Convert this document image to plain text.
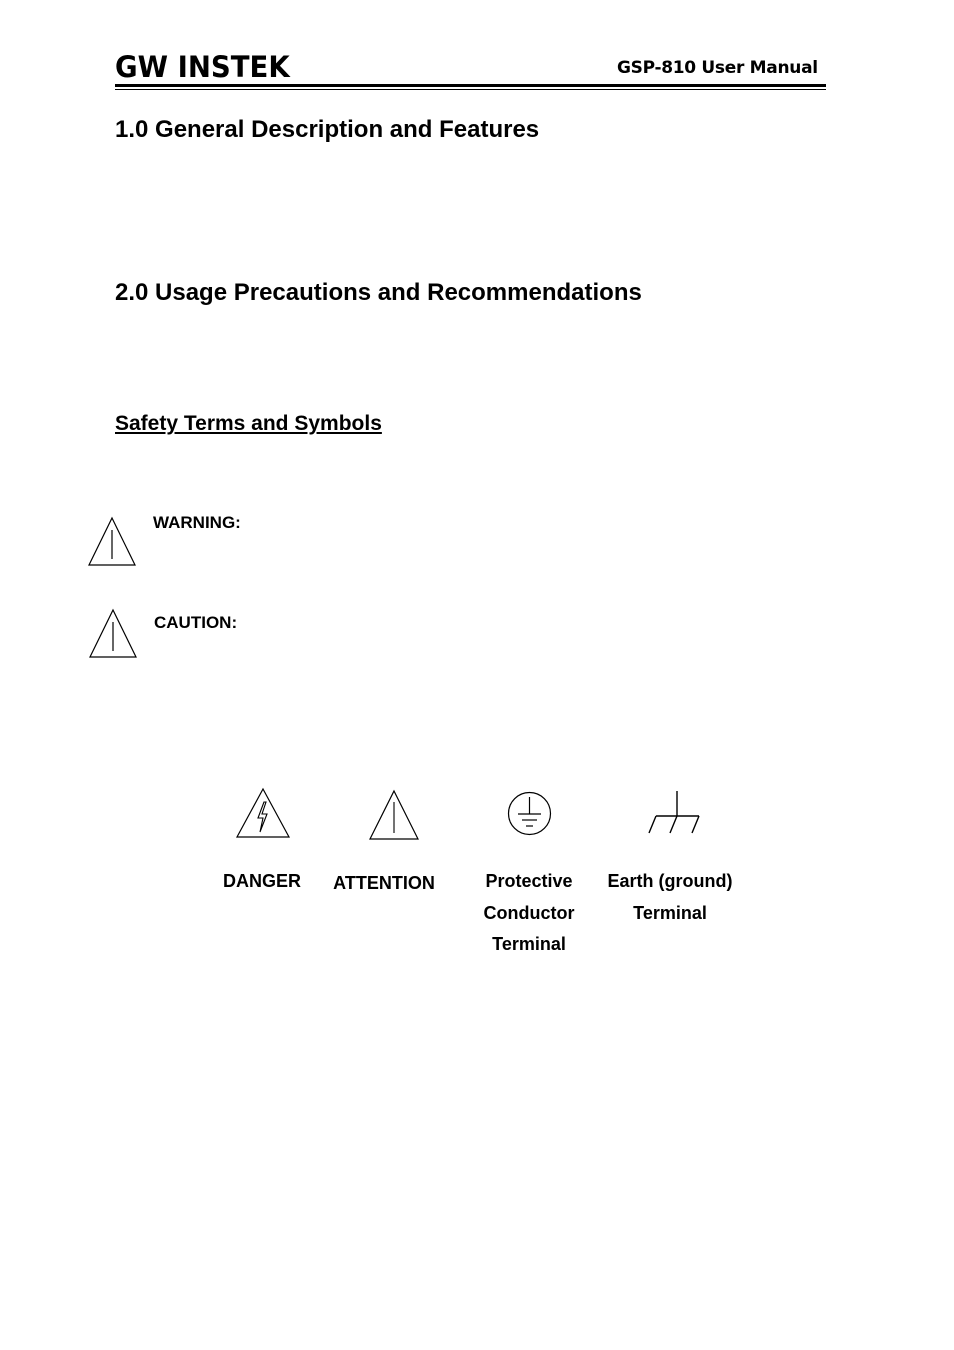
GW INSTEK	GSP-810 User Manual
1.0 General Description and Features
2.0 Usage Precautions and Recommendations
Safety Terms and Symbols
WARNING:
CAUTION:
DANGER	ATTENTION	Protective
Conductor
Terminal
Earth (ground)
Terminal
